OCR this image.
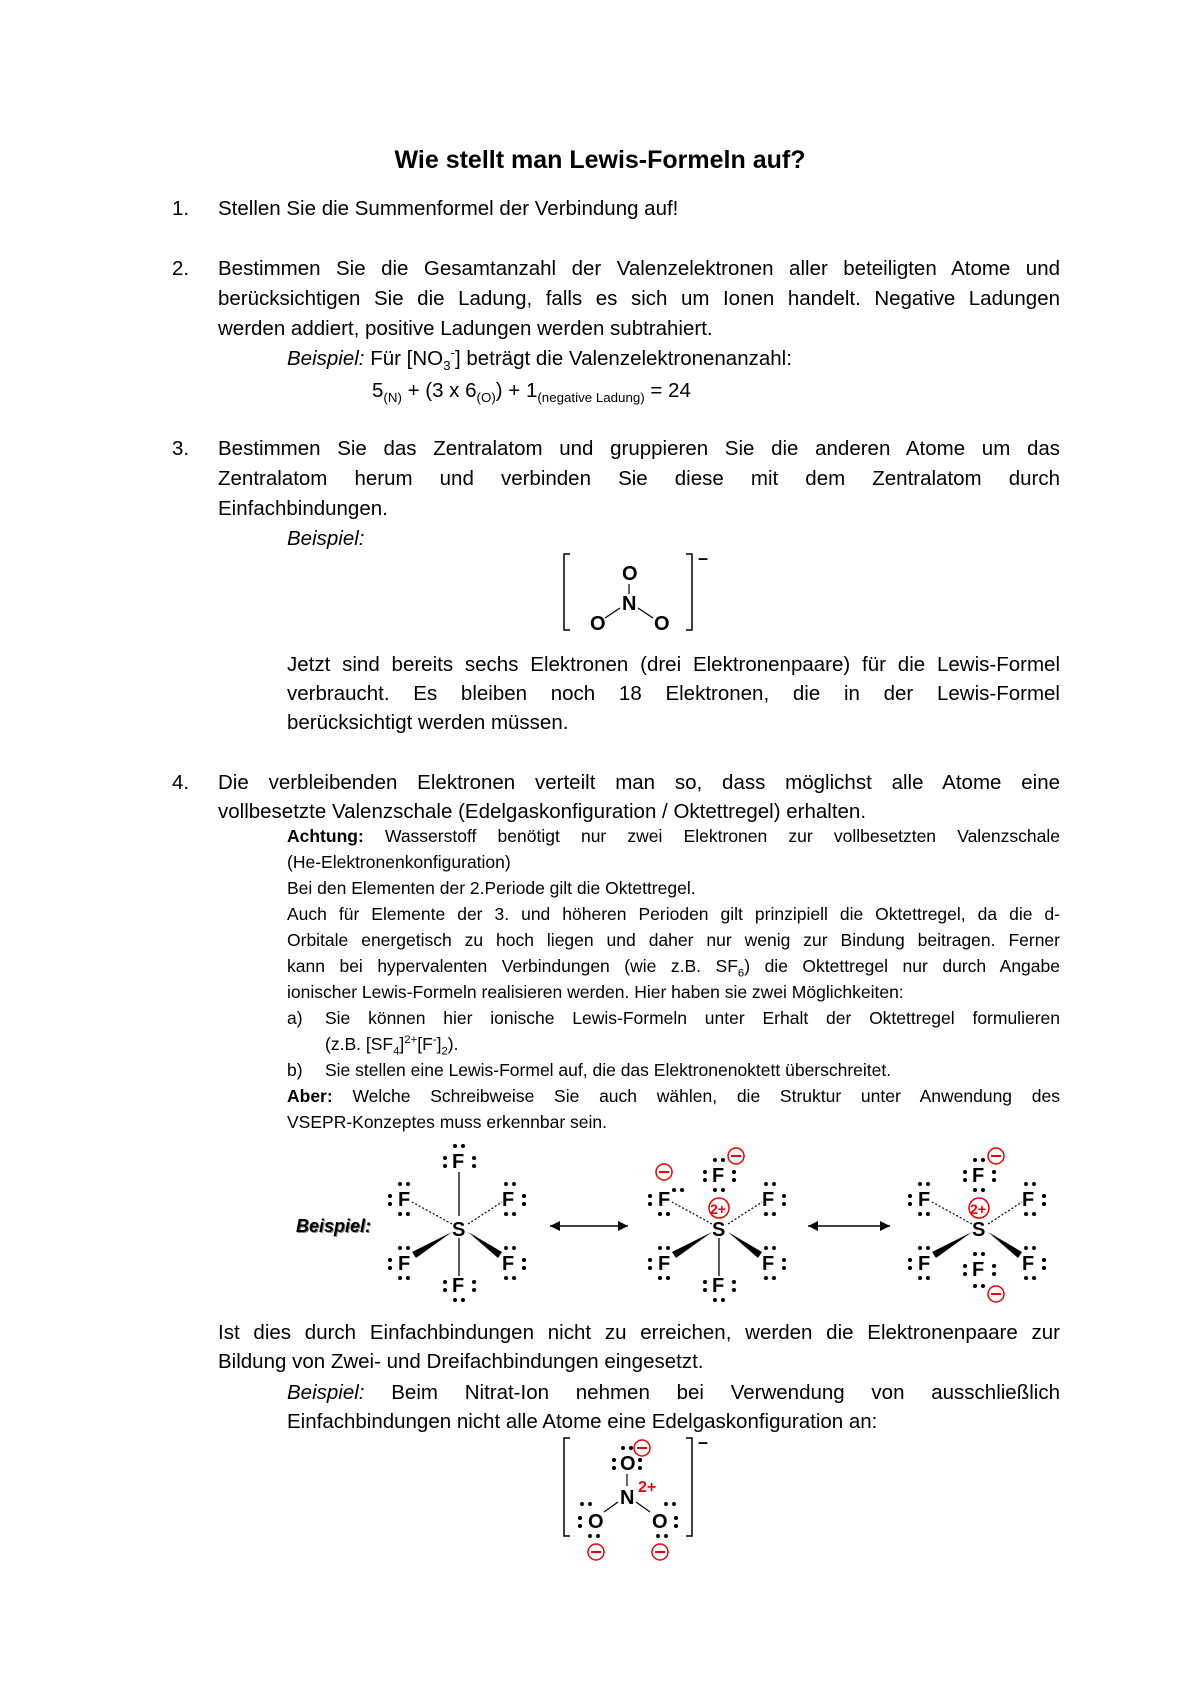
Wie stellt man Lewis-Formeln auf?
1. Stellen Sie die Summenformel der Verbindung auf!
2. Bestimmen Sie die Gesamtanzahl der Valenzelektronen aller beteiligten Atome und
berücksichtigen Sie die Ladung, falls es sich um Ionen handelt. Negative Ladungen
werden addiert, positive Ladungen werden subtrahiert.
Beispiel: Für $[NO_3^-]$ beträgt die Valenzelektronenanzahl:
$5_{(N)} + (3$ x $6_{(O)}) + 1_{(negative Ladung)} = 24$
3. Bestimmen Sie das Zentralatom und gruppieren Sie die anderen Atome um das
Zentralatom herum und verbinden Sie diese mit dem Zentralatom durch
Einfachbindungen.
Beispiel:
–
O
N
O O
Jetzt sind bereits sechs Elektronen (drei Elektronenpaare) für die Lewis-Formel
verbraucht. Es bleiben noch 18 Elektronen, die in der Lewis-Formel
berücksichtigt werden müssen.
4. Die verbleibenden Elektronen verteilt man so, dass möglichst alle Atome eine
vollbesetzte Valenzschale (Edelgaskonfiguration / Oktettregel) erhalten.
Achtung: Wasserstoff benötigt nur zwei Elektronen zur vollbesetzten Valenzschale
(He-Elektronenkonfiguration)
Bei den Elementen der 2.Periode gilt die Oktettregel.
Auch für Elemente der 3. und höheren Perioden gilt prinzipiell die Oktettregel, da die d-
Orbitale energetisch zu hoch liegen und daher nur wenig zur Bindung beitragen. Ferner
kann bei hypervalenten Verbindungen (wie z.B. $SF_6$) die Oktettregel nur durch Angabe
ionischer Lewis-Formeln realisieren werden. Hier haben sie zwei Möglichkeiten:
a) Sie können hier ionische Lewis-Formeln unter Erhalt der Oktettregel formulieren
(z.B. $[SF_4]^{2+}[F^-]_2$).
b) Sie stellen eine Lewis-Formel auf, die das Elektronenoktett überschreitet.
Aber: Welche Schreibweise Sie auch wählen, die Struktur unter Anwendung des
VSEPR-Konzeptes muss erkennbar sein.
Beispiel:	S
F
F
F	F
F	F
S
2+
F
F
F	F
F	F
S
2+
F
F
F	F
F	F
Ist dies durch Einfachbindungen nicht zu erreichen, werden die Elektronenpaare zur
Bildung von Zwei- und Dreifachbindungen eingesetzt.
Beispiel: Beim Nitrat-Ion nehmen bei Verwendung von ausschließlich
Einfachbindungen nicht alle Atome eine Edelgaskonfiguration an:
–
O
N 2+
O O
